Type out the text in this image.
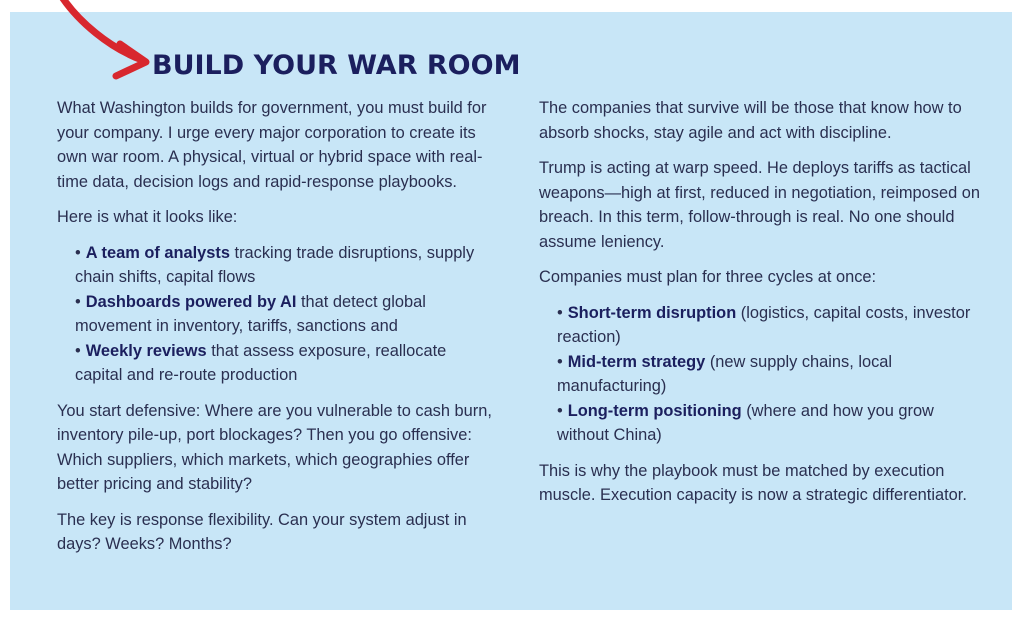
BUILD YOUR WAR ROOM

What Washington builds for government, you must build for your company. I urge every major corporation to create its own war room. A physical, virtual or hybrid space with real-time data, decision logs and rapid-response playbooks.

Here is what it looks like:

• A team of analysts tracking trade disruptions, supply chain shifts, capital flows
• Dashboards powered by AI that detect global movement in inventory, tariffs, sanctions and
• Weekly reviews that assess exposure, reallocate capital and re-route production

You start defensive: Where are you vulnerable to cash burn, inventory pile-up, port blockages? Then you go offensive: Which suppliers, which markets, which geographies offer better pricing and stability?

The key is response flexibility. Can your system adjust in days? Weeks? Months?

The companies that survive will be those that know how to absorb shocks, stay agile and act with discipline.

Trump is acting at warp speed. He deploys tariffs as tactical weapons—high at first, reduced in negotiation, reimposed on breach. In this term, follow-through is real. No one should assume leniency.

Companies must plan for three cycles at once:

• Short-term disruption (logistics, capital costs, investor reaction)
• Mid-term strategy (new supply chains, local manufacturing)
• Long-term positioning (where and how you grow without China)

This is why the playbook must be matched by execution muscle. Execution capacity is now a strategic differentiator.
